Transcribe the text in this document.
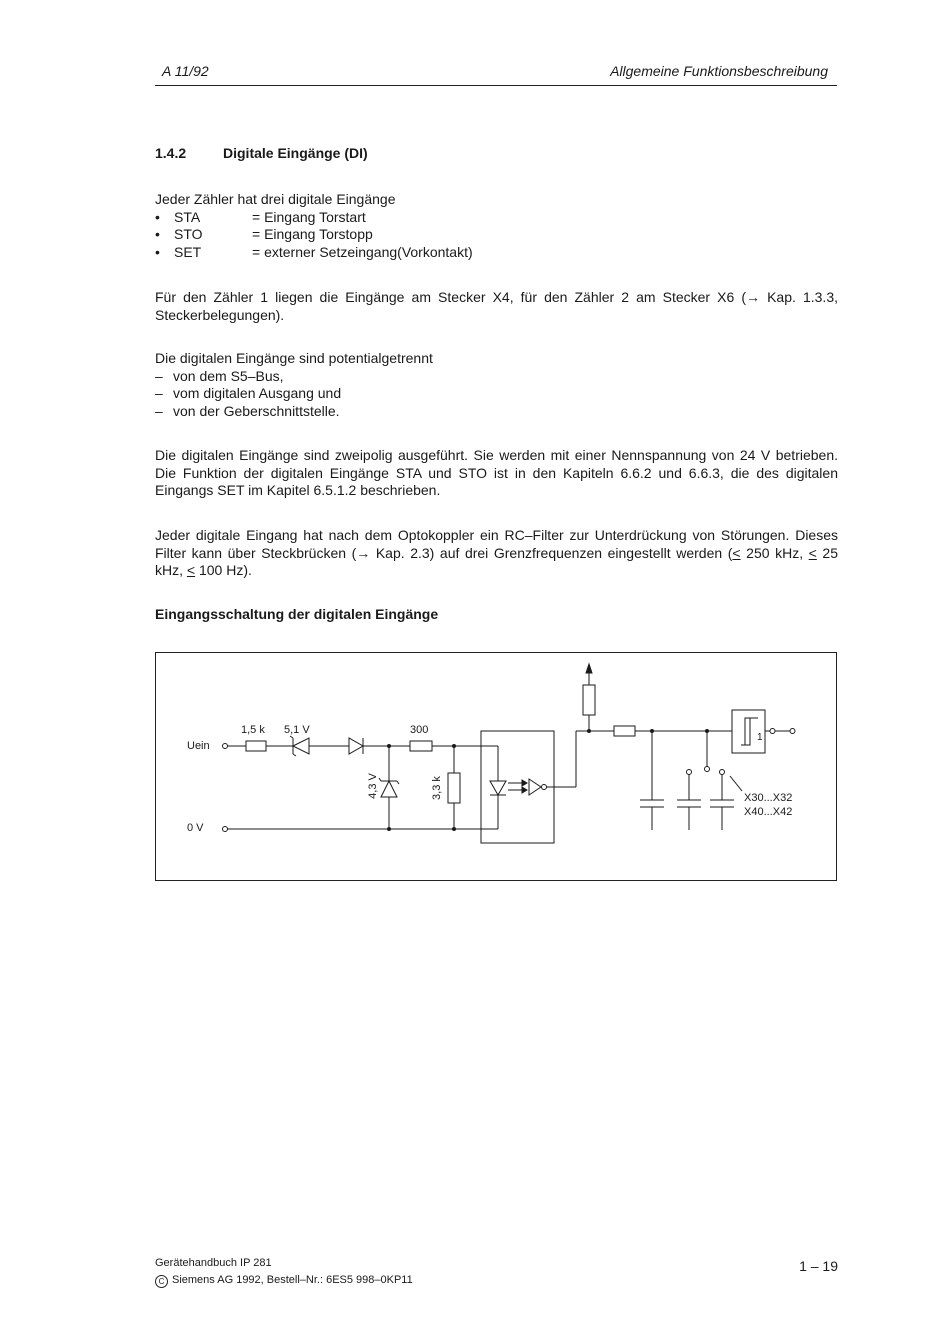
A 11/92	Allgemeine Funktionsbeschreibung
1.4.2	Digitale Eingänge (DI)
Jeder Zähler hat drei digitale Eingänge
•	STA	= Eingang Torstart
•	STO	= Eingang Torstopp
•	SET	= externer Setzeingang(Vorkontakt)
Für den Zähler 1 liegen die Eingänge am Stecker X4, für den Zähler 2 am Stecker X6 (→ Kap. 1.3.3, Steckerbelegungen).
Die digitalen Eingänge sind potentialgetrennt
– von dem S5–Bus,
– vom digitalen Ausgang und
– von der Geberschnittstelle.
Die digitalen Eingänge sind zweipolig ausgeführt. Sie werden mit einer Nennspannung von 24 V betrieben. Die Funktion der digitalen Eingänge STA und STO ist in den Kapiteln 6.6.2 und 6.6.3, die des digitalen Eingangs SET im Kapitel 6.5.1.2 beschrieben.
Jeder digitale Eingang hat nach dem Optokoppler ein RC–Filter zur Unterdrückung von Störungen. Dieses Filter kann über Steckbrücken (→ Kap. 2.3) auf drei Grenzfrequenzen eingestellt werden (< 250 kHz, < 25 kHz, < 100 Hz).
Eingangsschaltung der digitalen Eingänge
Uein
0 V
1,5 k 5,1 V	300
4,3 V	3,3 k
1
X30...X32
X40...X42
Gerätehandbuch IP 281
C Siemens AG 1992, Bestell–Nr.: 6ES5 998–0KP11
1 – 19
